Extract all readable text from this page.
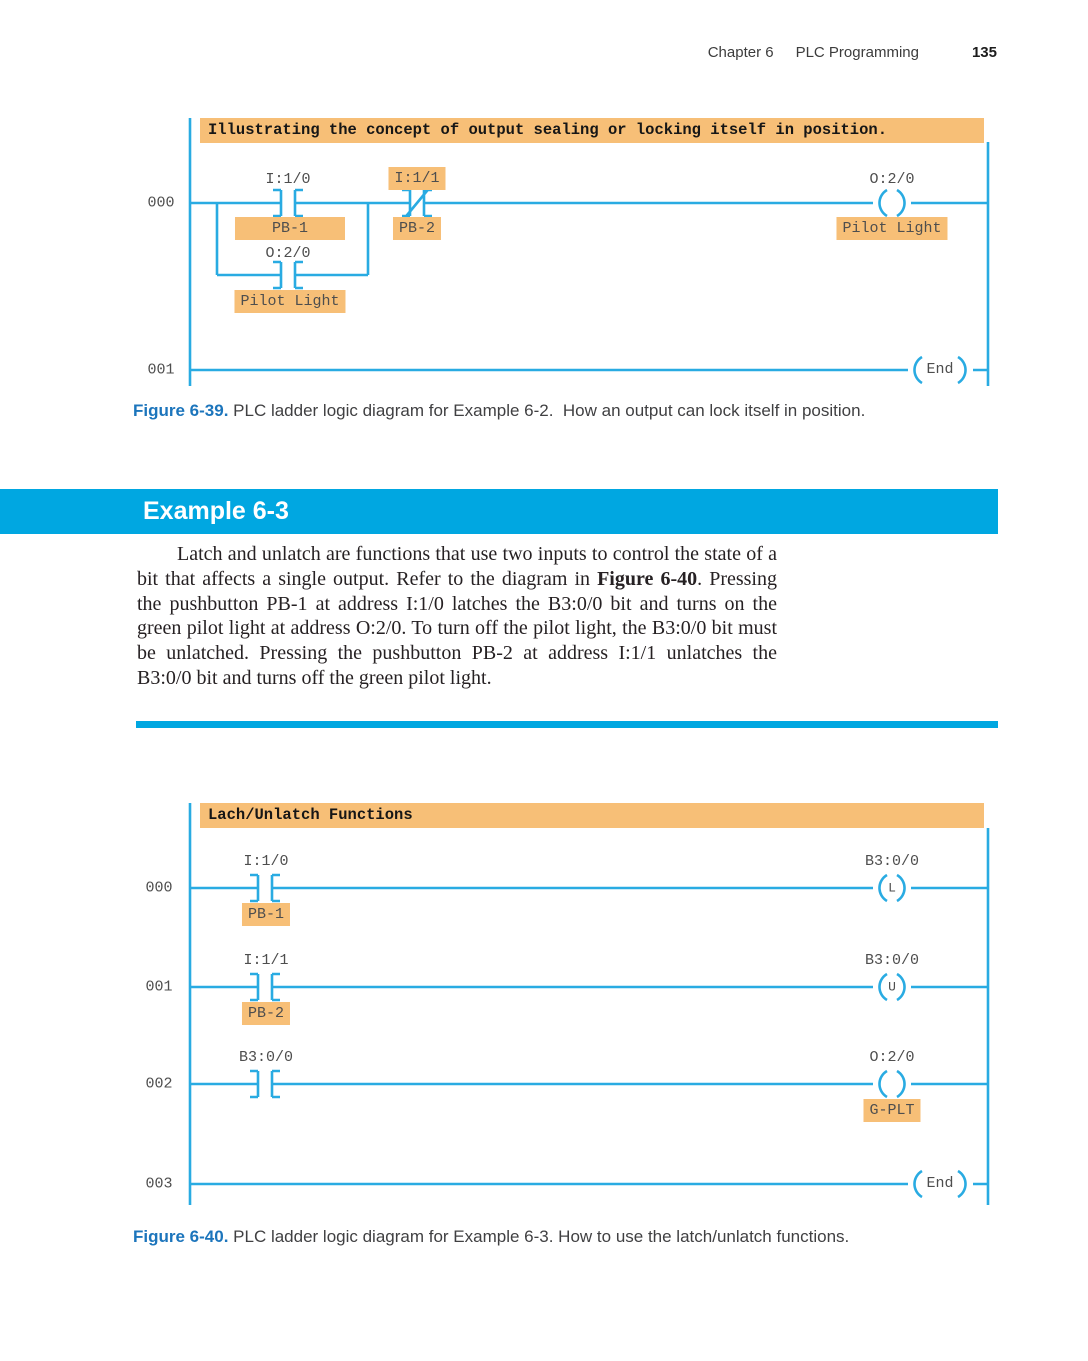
Chapter 6 PLC Programming	135
Illustrating the concept of output sealing or locking itself in position.
000
001
I:1/0
PB-1
I:1/1
PB-2
O:2/0
Pilot Light
O:2/0
Pilot Light
End
Figure 6-39. PLC ladder logic diagram for Example 6-2.  How an output can lock itself in position.
Example 6-3

Latch and unlatch are functions that use two inputs to control the state of a bit that affects a single output. Refer to the diagram in Figure 6-40. Pressing the pushbutton PB-1 at address I:1/0 latches the B3:0/0 bit and turns on the green pilot light at address O:2/0. To turn off the pilot light, the B3:0/0 bit must be unlatched. Pressing the pushbutton PB-2 at address I:1/1 unlatches the B3:0/0 bit and turns off the green pilot light.

Lach/Unlatch Functions
000
001
002
003
I:1/0
PB-1
B3:0/0
L
I:1/1
PB-2
B3:0/0
U
B3:0/0	O:2/0
G-PLT
End
Figure 6-40. PLC ladder logic diagram for Example 6-3. How to use the latch/unlatch functions.
